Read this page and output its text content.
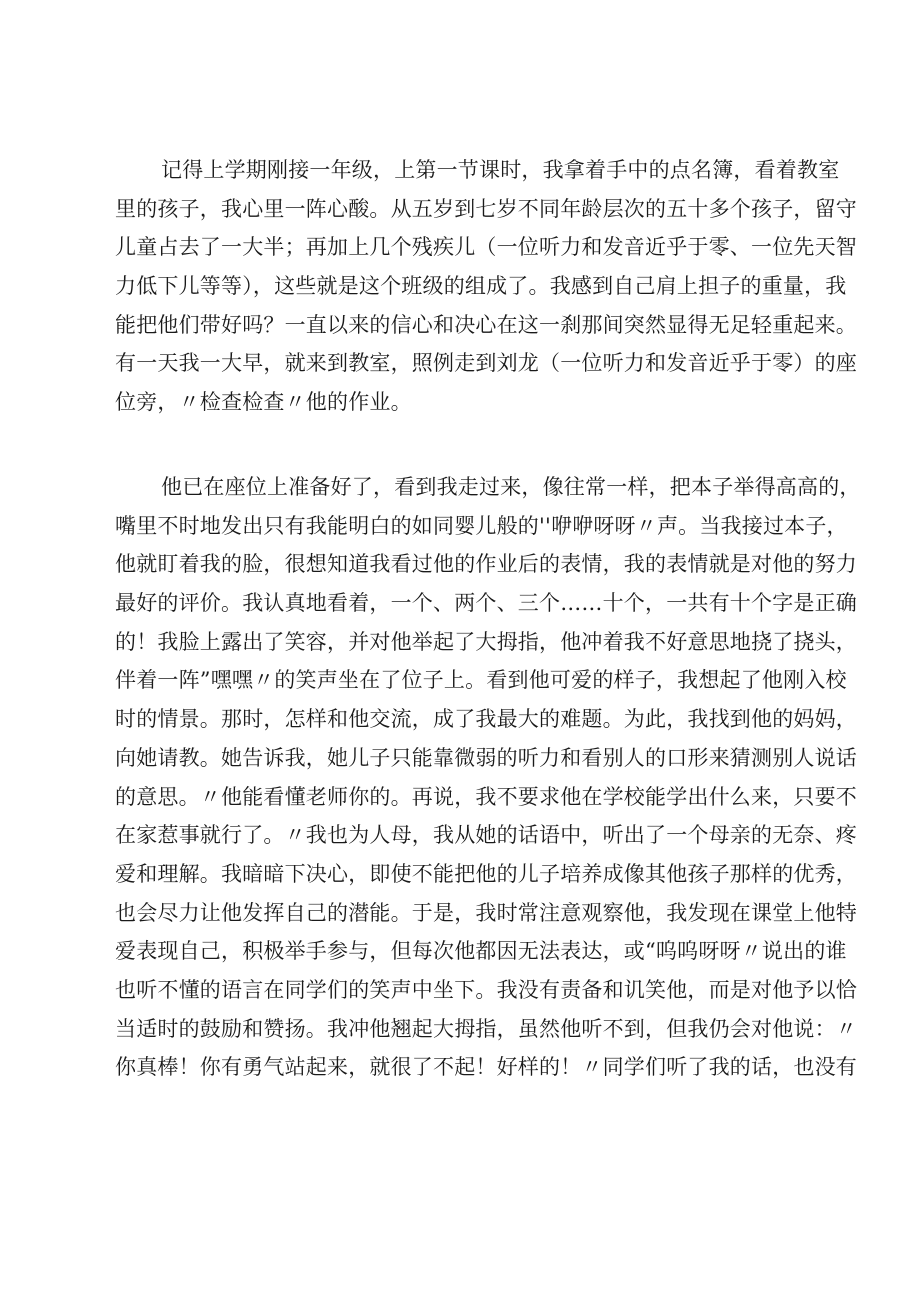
记得上学期刚接一年级，上第一节课时，我拿着手中的点名簿，看着教室
里的孩子，我心里一阵心酸。从五岁到七岁不同年龄层次的五十多个孩子，留守
儿童占去了一大半；再加上几个残疾儿（一位听力和发音近乎于零、一位先天智
力低下儿等等），这些就是这个班级的组成了。我感到自己肩上担子的重量，我
能把他们带好吗？一直以来的信心和决心在这一刹那间突然显得无足轻重起来。
有一天我一大早，就来到教室，照例走到刘龙（一位听力和发音近乎于零）的座
位旁，〃检查检查〃他的作业。
他已在座位上准备好了，看到我走过来，像往常一样，把本子举得高高的，
嘴里不时地发出只有我能明白的如同婴儿般的''咿咿呀呀〃声。当我接过本子，
他就盯着我的脸，很想知道我看过他的作业后的表情，我的表情就是对他的努力
最好的评价。我认真地看着，一个、两个、三个……十个，一共有十个字是正确
的！我脸上露出了笑容，并对他举起了大拇指，他冲着我不好意思地挠了挠头，
伴着一阵”嘿嘿〃的笑声坐在了位子上。看到他可爱的样子，我想起了他刚入校
时的情景。那时，怎样和他交流，成了我最大的难题。为此，我找到他的妈妈，
向她请教。她告诉我，她儿子只能靠微弱的听力和看别人的口形来猜测别人说话
的意思。〃他能看懂老师你的。再说，我不要求他在学校能学出什么来，只要不
在家惹事就行了。〃我也为人母，我从她的话语中，听出了一个母亲的无奈、疼
爱和理解。我暗暗下决心，即使不能把他的儿子培养成像其他孩子那样的优秀，
也会尽力让他发挥自己的潜能。于是，我时常注意观察他，我发现在课堂上他特
爱表现自己，积极举手参与，但每次他都因无法表达，或“呜呜呀呀〃说出的谁
也听不懂的语言在同学们的笑声中坐下。我没有责备和讥笑他，而是对他予以恰
当适时的鼓励和赞扬。我冲他翘起大拇指，虽然他听不到，但我仍会对他说：〃
你真棒！你有勇气站起来，就很了不起！好样的！〃同学们听了我的话，也没有
